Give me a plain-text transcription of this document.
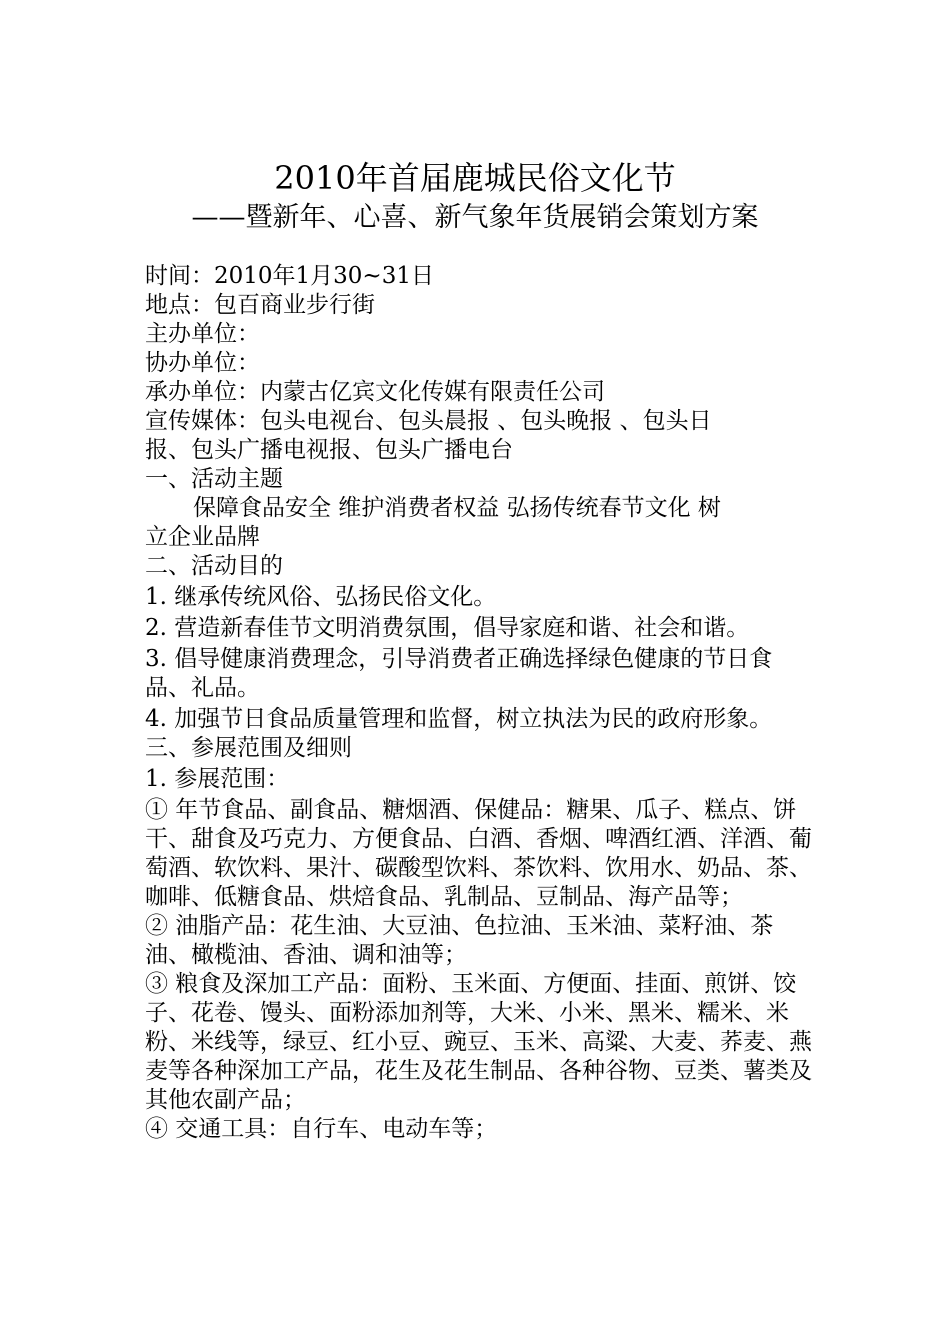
2010年首届鹿城民俗文化节
——暨新年、心喜、新气象年货展销会策划方案
时间：2010年1月30~31日
地点：包百商业步行街
主办单位：
协办单位：
承办单位：内蒙古亿宾文化传媒有限责任公司
宣传媒体：包头电视台、包头晨报 、包头晚报 、包头日
报、包头广播电视报、包头广播电台
一、活动主题
保障食品安全 维护消费者权益 弘扬传统春节文化 树
立企业品牌
二、活动目的
1. 继承传统风俗、弘扬民俗文化。
2. 营造新春佳节文明消费氛围，倡导家庭和谐、社会和谐。
3. 倡导健康消费理念，引导消费者正确选择绿色健康的节日食品、礼品。
4. 加强节日食品质量管理和监督，树立执法为民的政府形象。
三、参展范围及细则
1. 参展范围：
① 年节食品、副食品、糖烟酒、保健品：糖果、瓜子、糕点、饼干、甜食及巧克力、方便食品、白酒、香烟、啤酒红酒、洋酒、葡萄酒、软饮料、果汁、碳酸型饮料、茶饮料、饮用水、奶品、茶、咖啡、低糖食品、烘焙食品、乳制品、豆制品、海产品等；
② 油脂产品：花生油、大豆油、色拉油、玉米油、菜籽油、茶油、橄榄油、香油、调和油等；
③ 粮食及深加工产品：面粉、玉米面、方便面、挂面、煎饼、饺子、花卷、馒头、面粉添加剂等，大米、小米、黑米、糯米、米粉、米线等，绿豆、红小豆、豌豆、玉米、高粱、大麦、荞麦、燕麦等各种深加工产品，花生及花生制品、各种谷物、豆类、薯类及其他农副产品；
④ 交通工具：自行车、电动车等；
